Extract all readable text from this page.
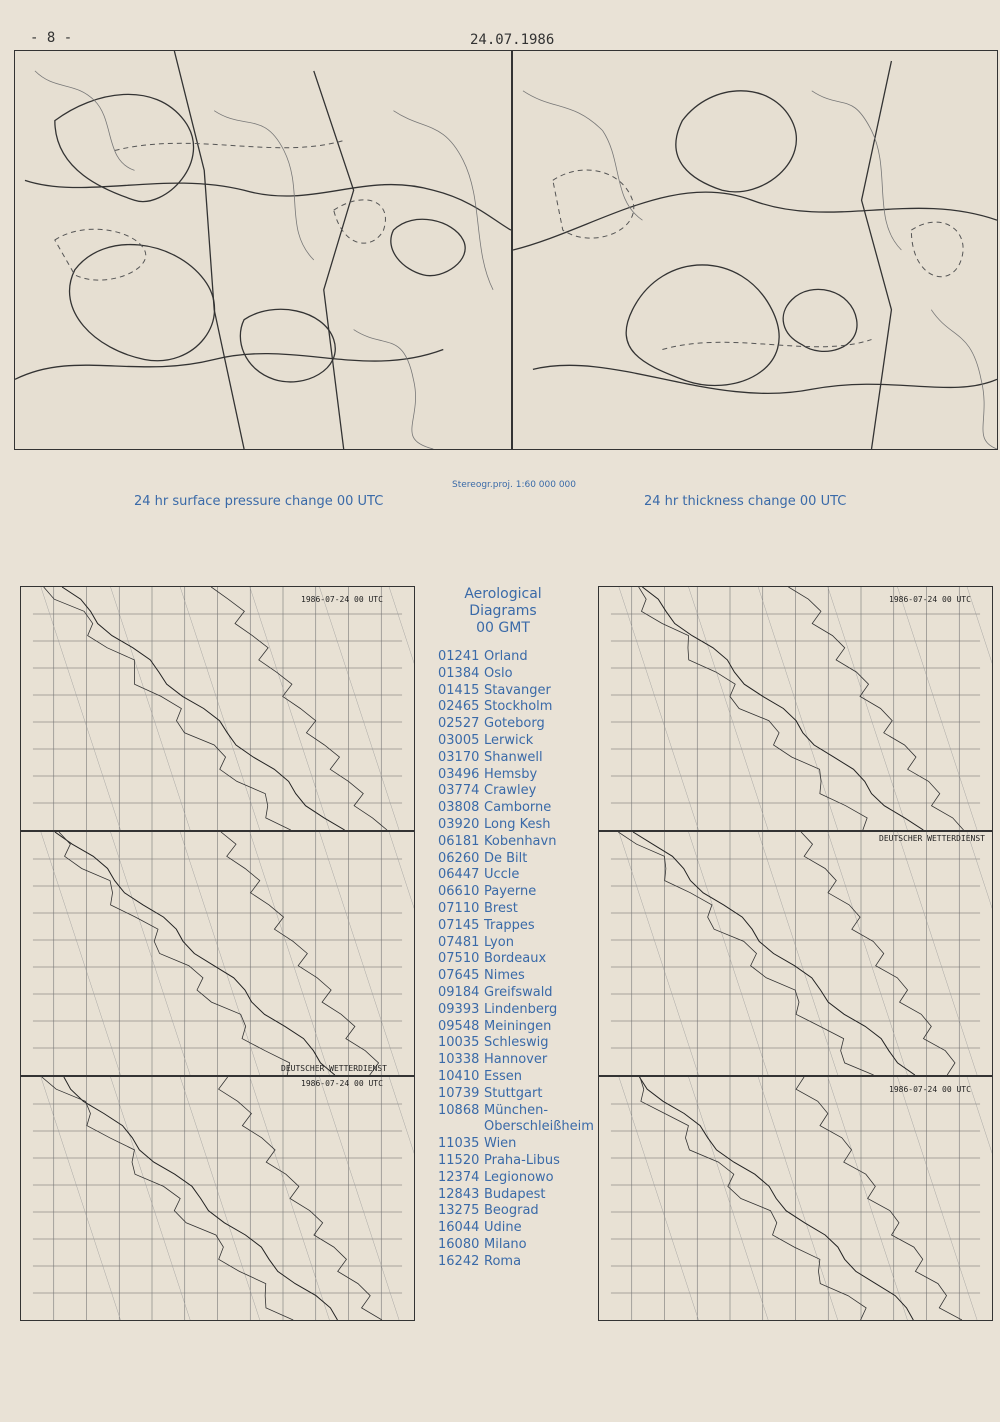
- 8 -	24.07.1986
Stereogr.proj. 1:60 000 000
24 hr surface pressure change 00 UTC	24 hr thickness change 00 UTC
1986-07-24 00 UTC
DEUTSCHER WETTERDIENST
1986-07-24 00 UTC
1986-07-24 00 UTC
DEUTSCHER WETTERDIENST
1986-07-24 00 UTC
Aerological
Diagrams
00 GMT
01241 Orland
01384 Oslo
01415 Stavanger
02465 Stockholm
02527 Goteborg
03005 Lerwick
03170 Shanwell
03496 Hemsby
03774 Crawley
03808 Camborne
03920 Long Kesh
06181 Kobenhavn
06260 De Bilt
06447 Uccle
06610 Payerne
07110 Brest
07145 Trappes
07481 Lyon
07510 Bordeaux
07645 Nimes
09184 Greifswald
09393 Lindenberg
09548 Meiningen
10035 Schleswig
10338 Hannover
10410 Essen
10739 Stuttgart
10868 München-
Oberschleißheim
11035 Wien
11520 Praha-Libus
12374 Legionowo
12843 Budapest
13275 Beograd
16044 Udine
16080 Milano
16242 Roma
